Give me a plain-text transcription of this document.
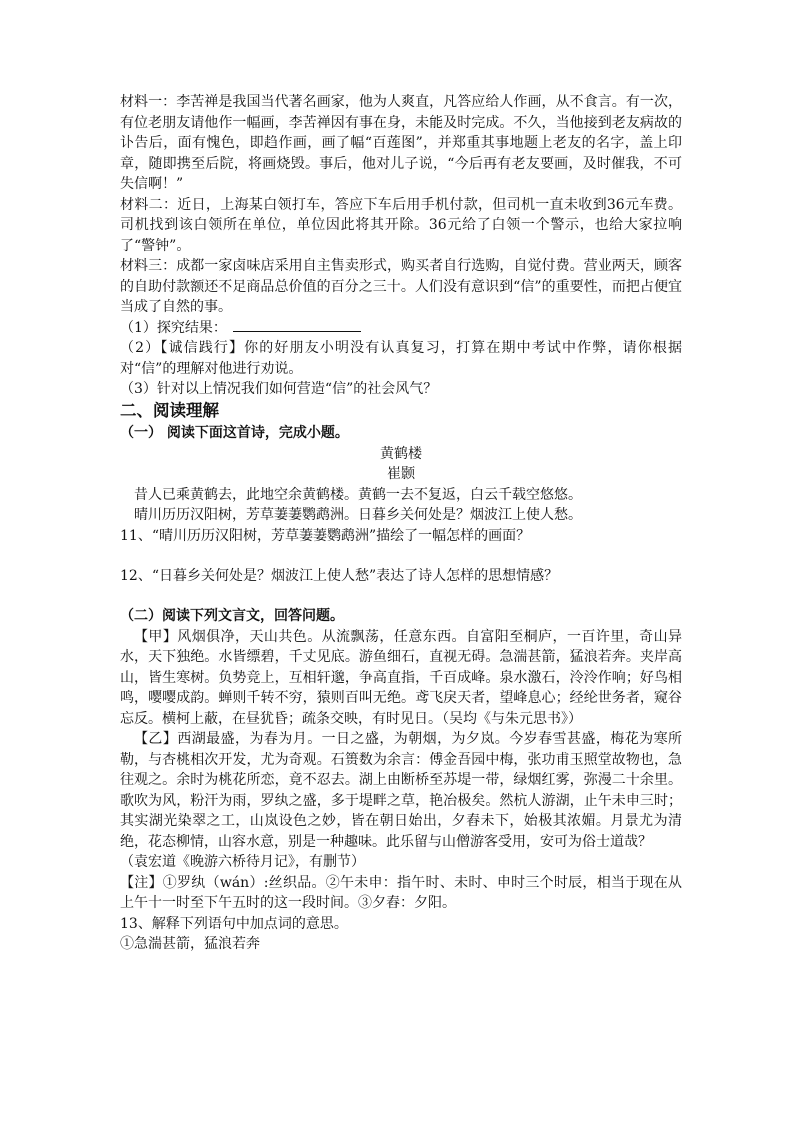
材料一：李苦禅是我国当代著名画家，他为人爽直，凡答应给人作画，从不食言。有一次，有位老朋友请他作一幅画，李苦禅因有事在身，未能及时完成。不久，当他接到老友病故的讣告后，面有愧色，即趋作画，画了幅“百莲图”，并郑重其事地题上老友的名字，盖上印章，随即携至后院，将画烧毁。事后，他对儿子说，“今后再有老友要画，及时催我，不可失信啊！”

材料二：近日，上海某白领打车，答应下车后用手机付款，但司机一直未收到36元车费。司机找到该白领所在单位，单位因此将其开除。36元给了白领一个警示，也给大家拉响了“警钟”。

材料三：成都一家卤味店采用自主售卖形式，购买者自行选购，自觉付费。营业两天，顾客的自助付款额还不足商品总价值的百分之三十。人们没有意识到“信”的重要性，而把占便宜当成了自然的事。

（1）探究结果：

（2）【诚信践行】你的好朋友小明没有认真复习，打算在期中考试中作弊，请你根据对“信”的理解对他进行劝说。

（3）针对以上情况我们如何营造“信”的社会风气？

二、阅读理解

（一） 阅读下面这首诗，完成小题。

黄鹤楼

崔颢

昔人已乘黄鹤去，此地空余黄鹤楼。黄鹤一去不复返，白云千载空悠悠。

晴川历历汉阳树，芳草萋萋鹦鹉洲。日暮乡关何处是？烟波江上使人愁。

11、“晴川历历汉阳树，芳草萋萋鹦鹉洲”描绘了一幅怎样的画面？

12、“日暮乡关何处是？烟波江上使人愁”表达了诗人怎样的思想情感？

（二）阅读下列文言文，回答问题。

【甲】风烟俱净，天山共色。从流飘荡，任意东西。自富阳至桐庐，一百许里，奇山异水，天下独绝。水皆缥碧，千丈见底。游鱼细石，直视无碍。急湍甚箭，猛浪若奔。夹岸高山，皆生寒树。负势竞上，互相轩邈，争高直指，千百成峰。泉水激石，泠泠作响；好鸟相鸣，嘤嘤成韵。蝉则千转不穷，猿则百叫无绝。鸢飞戾天者，望峰息心；经纶世务者，窥谷忘反。横柯上蔽，在昼犹昏；疏条交映，有时见日。（吴均《与朱元思书》）

【乙】西湖最盛，为春为月。一日之盛，为朝烟，为夕岚。今岁春雪甚盛，梅花为寒所勒，与杏桃相次开发，尤为奇观。石篑数为余言：傅金吾园中梅，张功甫玉照堂故物也，急往观之。余时为桃花所恋，竟不忍去。湖上由断桥至苏堤一带，绿烟红雾，弥漫二十余里。歌吹为风，粉汗为雨，罗纨之盛，多于堤畔之草，艳冶极矣。然杭人游湖，止午未申三时；其实湖光染翠之工，山岚设色之妙，皆在朝日始出，夕舂未下，始极其浓媚。月景尤为清绝，花态柳情，山容水意，别是一种趣味。此乐留与山僧游客受用，安可为俗士道哉？

（袁宏道《晚游六桥待月记》，有删节）

【注】①罗纨（wán）:丝织品。②午未申：指午时、未时、申时三个时辰，相当于现在从上午十一时至下午五时的这一段时间。③夕舂：夕阳。

13、解释下列语句中加点词的意思。

①急湍甚箭，猛浪若奔
